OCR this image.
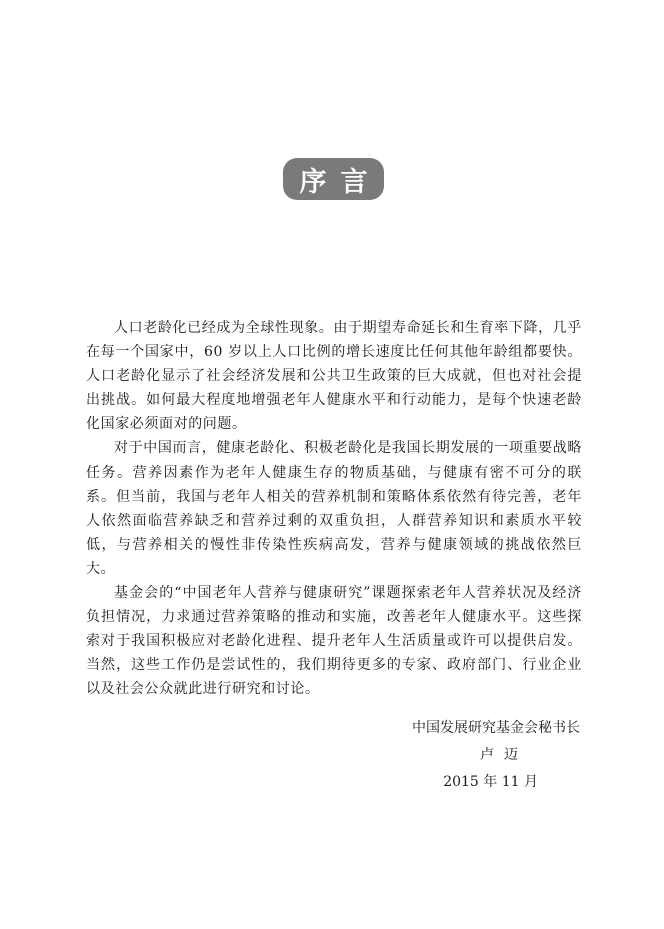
序言

人口老龄化已经成为全球性现象。由于期望寿命延长和生育率下降，几乎在每一个国家中，60 岁以上人口比例的增长速度比任何其他年龄组都要快。人口老龄化显示了社会经济发展和公共卫生政策的巨大成就，但也对社会提出挑战。如何最大程度地增强老年人健康水平和行动能力，是每个快速老龄化国家必须面对的问题。

对于中国而言，健康老龄化、积极老龄化是我国长期发展的一项重要战略任务。营养因素作为老年人健康生存的物质基础，与健康有密不可分的联系。但当前，我国与老年人相关的营养机制和策略体系依然有待完善，老年人依然面临营养缺乏和营养过剩的双重负担，人群营养知识和素质水平较低，与营养相关的慢性非传染性疾病高发，营养与健康领域的挑战依然巨大。

基金会的“中国老年人营养与健康研究”课题探索老年人营养状况及经济负担情况，力求通过营养策略的推动和实施，改善老年人健康水平。这些探索对于我国积极应对老龄化进程、提升老年人生活质量或许可以提供启发。当然，这些工作仍是尝试性的，我们期待更多的专家、政府部门、行业企业以及社会公众就此进行研究和讨论。

中国发展研究基金会秘书长
卢迈
2015 年 11 月
